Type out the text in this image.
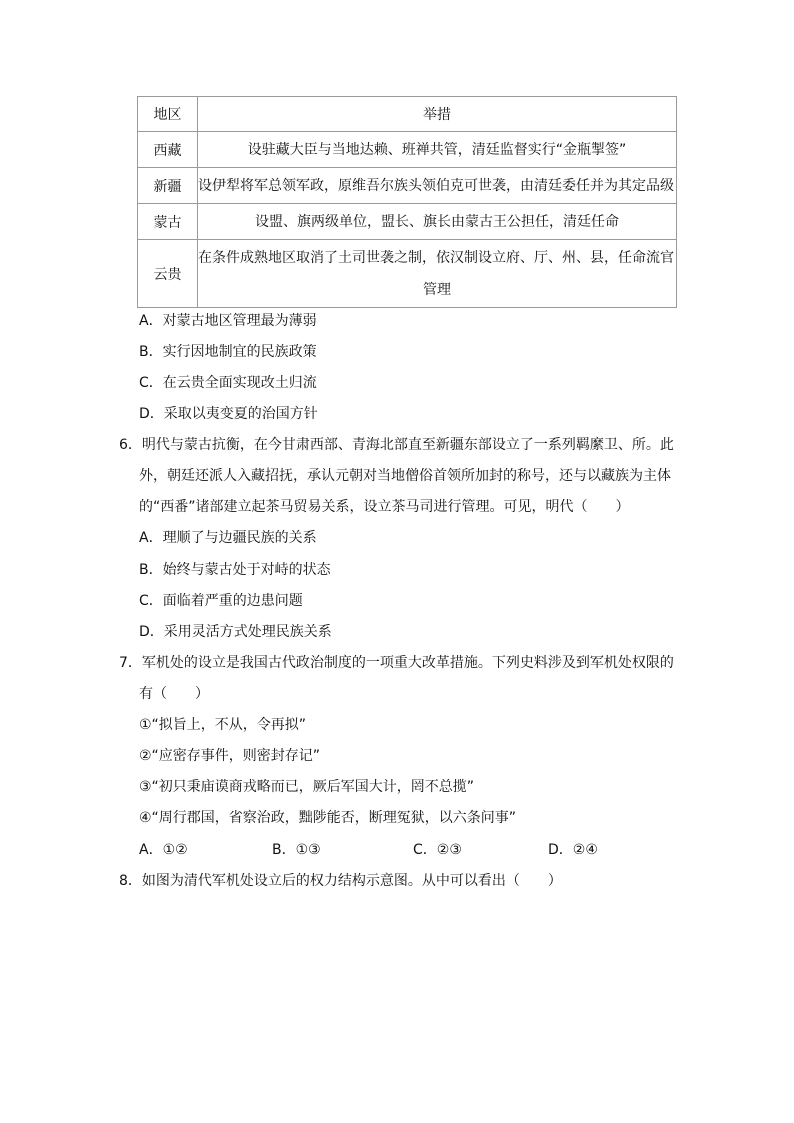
地区	举措
西藏	设驻藏大臣与当地达赖、班禅共管，清廷监督实行“金瓶掣签”
新疆	设伊犁将军总领军政，原维吾尔族头领伯克可世袭，由清廷委任并为其定品级
蒙古	设盟、旗两级单位，盟长、旗长由蒙古王公担任，清廷任命
云贵	在条件成熟地区取消了土司世袭之制，依汉制设立府、厅、州、县，任命流官
管理
A．对蒙古地区管理最为薄弱
B．实行因地制宜的民族政策
C．在云贵全面实现改土归流
D．采取以夷变夏的治国方针
6．明代与蒙古抗衡，在今甘肃西部、青海北部直至新疆东部设立了一系列羁縻卫、所。此
外，朝廷还派人入藏招抚，承认元朝对当地僧俗首领所加封的称号，还与以藏族为主体
的“西番”诸部建立起茶马贸易关系，设立茶马司进行管理。可见，明代（　　）
A．理顺了与边疆民族的关系
B．始终与蒙古处于对峙的状态
C．面临着严重的边患问题
D．采用灵活方式处理民族关系
7．军机处的设立是我国古代政治制度的一项重大改革措施。下列史料涉及到军机处权限的
有（　　）
①“拟旨上，不从，令再拟”
②“应密存事件，则密封存记”
③“初只秉庙谟商戎略而已，厥后军国大计，罔不总揽”
④“周行郡国，省察治政，黜陟能否，断理冤狱，以六条问事”
A．①②	B．①③	C．②③	D．②④
8．如图为清代军机处设立后的权力结构示意图。从中可以看出（　　）
